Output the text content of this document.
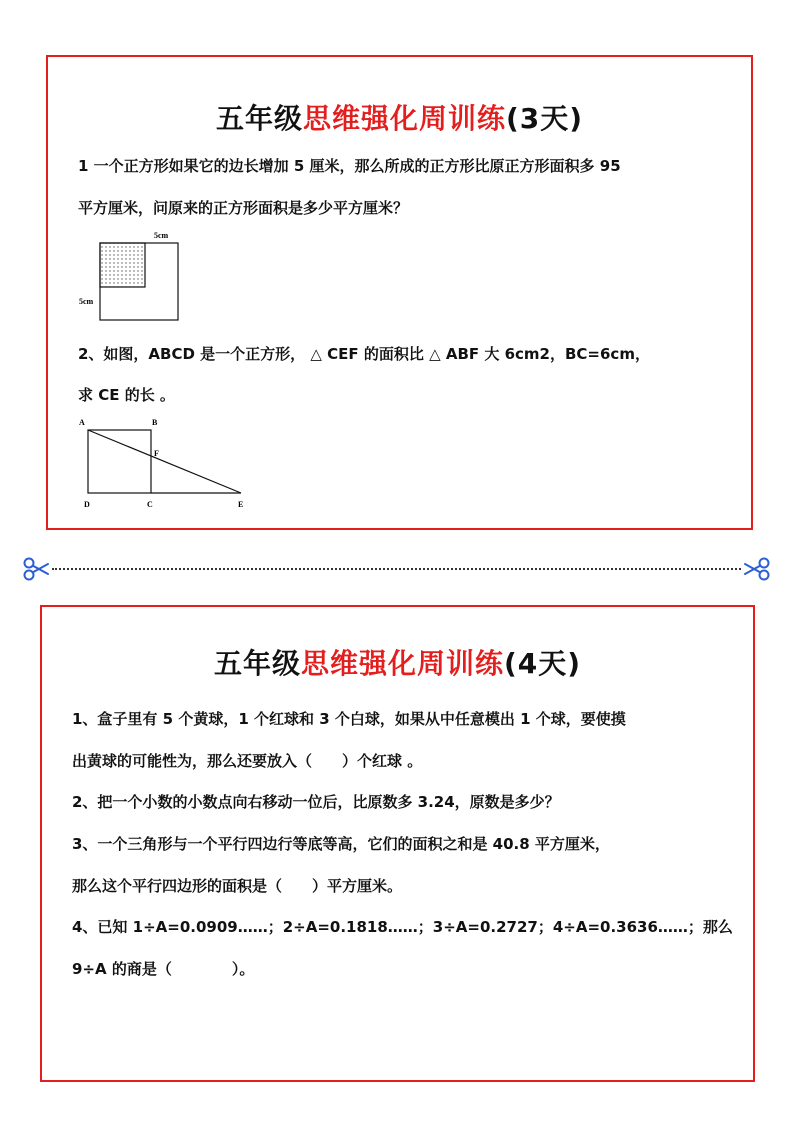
五年级思维强化周训练(3天)
1 一个正方形如果它的边长增加 5 厘米，那么所成的正方形比原正方形面积多 95
平方厘米，问原来的正方形面积是多少平方厘米？
5cm
5cm
2、如图，ABCD 是一个正方形， △ CEF 的面积比 △ ABF 大 6cm2，BC=6cm，
求 CE 的长 。
A	B
F
D	C	E
五年级思维强化周训练(4天)
1、盒子里有 5 个黄球，1 个红球和 3 个白球，如果从中任意模出 1 个球，要使摸
出黄球的可能性为，那么还要放入（　　）个红球 。
2、把一个小数的小数点向右移动一位后，比原数多 3.24，原数是多少？
3、一个三角形与一个平行四边行等底等高，它们的面积之和是 40.8 平方厘米，
那么这个平行四边形的面积是（　　）平方厘米。
4、已知 1÷A=0.0909……；2÷A=0.1818……；3÷A=0.2727；4÷A=0.3636……；那么
9÷A 的商是（　　　　）。
